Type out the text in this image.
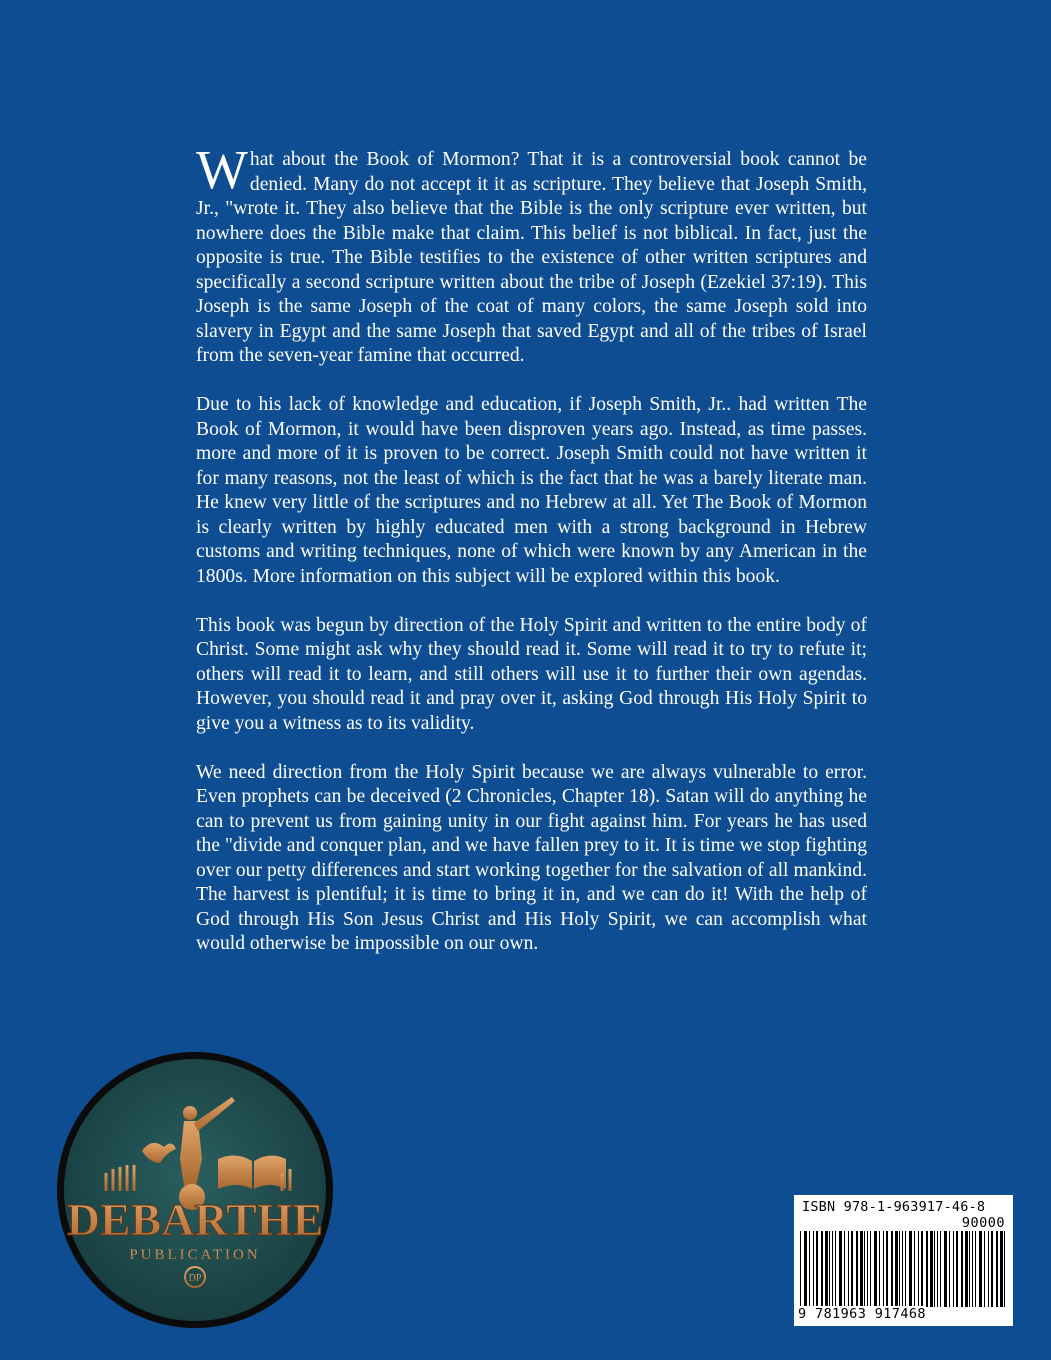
What about the Book of Mormon? That it is a controversial book cannot be denied. Many do not accept it it as scripture. They believe that Joseph Smith, Jr., "wrote it. They also believe that the Bible is the only scripture ever written, but nowhere does the Bible make that claim. This belief is not biblical. In fact, just the opposite is true. The Bible testifies to the existence of other written scriptures and specifically a second scripture written about the tribe of Joseph (Ezekiel 37:19). This Joseph is the same Joseph of the coat of many colors, the same Joseph sold into slavery in Egypt and the same Joseph that saved Egypt and all of the tribes of Israel from the seven-year famine that occurred.

Due to his lack of knowledge and education, if Joseph Smith, Jr.. had written The Book of Mormon, it would have been disproven years ago. Instead, as time passes. more and more of it is proven to be correct. Joseph Smith could not have written it for many reasons, not the least of which is the fact that he was a barely literate man. He knew very little of the scriptures and no Hebrew at all. Yet The Book of Mormon is clearly written by highly educated men with a strong background in Hebrew customs and writing techniques, none of which were known by any American in the 1800s. More information on this subject will be explored within this book.

This book was begun by direction of the Holy Spirit and written to the entire body of Christ. Some might ask why they should read it. Some will read it to try to refute it; others will read it to learn, and still others will use it to further their own agendas. However, you should read it and pray over it, asking God through His Holy Spirit to give you a witness as to its validity.

We need direction from the Holy Spirit because we are always vulnerable to error. Even prophets can be deceived (2 Chronicles, Chapter 18). Satan will do anything he can to prevent us from gaining unity in our fight against him. For years he has used the "divide and conquer plan, and we have fallen prey to it. It is time we stop fighting over our petty differences and start working together for the salvation of all mankind. The harvest is plentiful; it is time to bring it in, and we can do it! With the help of God through His Son Jesus Christ and His Holy Spirit, we can accomplish what would otherwise be impossible on our own.

DEBARTHE
PUBLICATION
DP
ISBN 978-1-963917-46-8
90000
9 781963 917468
